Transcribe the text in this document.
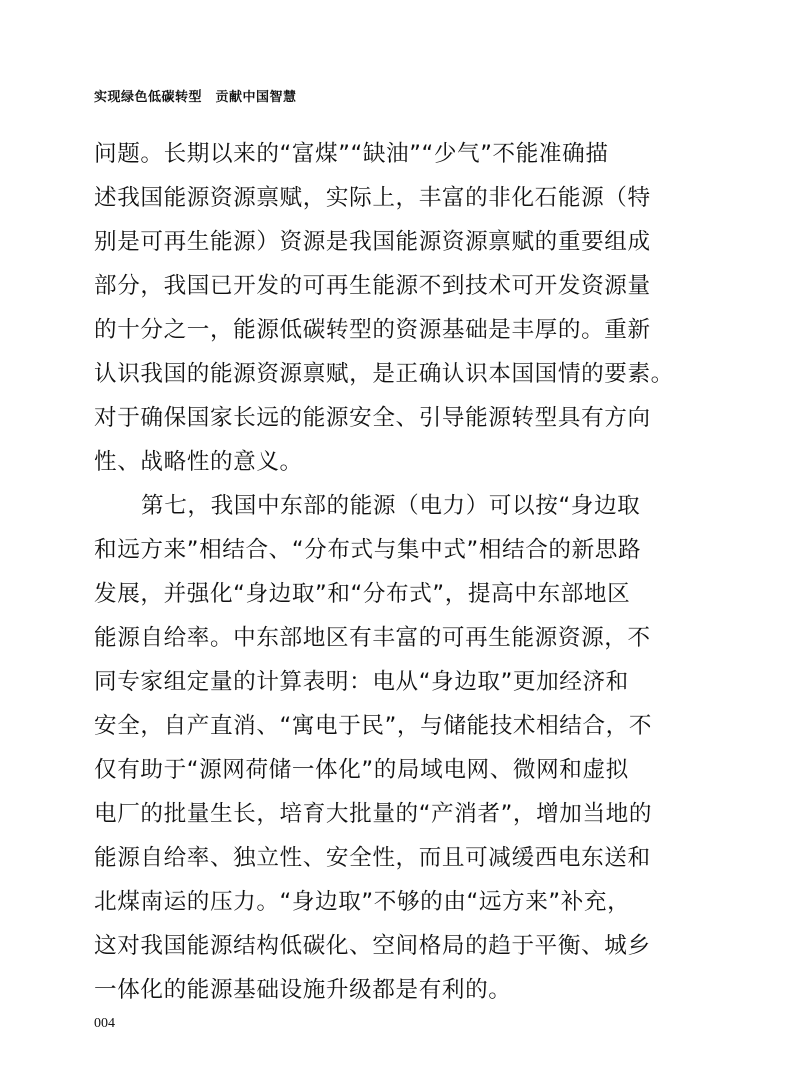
实现绿色低碳转型　贡献中国智慧
问题。长期以来的“富煤”“缺油”“少气”不能准确描
述我国能源资源禀赋，实际上，丰富的非化石能源（特
别是可再生能源）资源是我国能源资源禀赋的重要组成
部分，我国已开发的可再生能源不到技术可开发资源量
的十分之一，能源低碳转型的资源基础是丰厚的。重新
认识我国的能源资源禀赋，是正确认识本国国情的要素。
对于确保国家长远的能源安全、引导能源转型具有方向
性、战略性的意义。
第七，我国中东部的能源（电力）可以按“身边取
和远方来”相结合、“分布式与集中式”相结合的新思路
发展，并强化“身边取”和“分布式”，提高中东部地区
能源自给率。中东部地区有丰富的可再生能源资源，不
同专家组定量的计算表明：电从“身边取”更加经济和
安全，自产直消、“寓电于民”，与储能技术相结合，不
仅有助于“源网荷储一体化”的局域电网、微网和虚拟
电厂的批量生长，培育大批量的“产消者”，增加当地的
能源自给率、独立性、安全性，而且可减缓西电东送和
北煤南运的压力。“身边取”不够的由“远方来”补充，
这对我国能源结构低碳化、空间格局的趋于平衡、城乡
一体化的能源基础设施升级都是有利的。
004
